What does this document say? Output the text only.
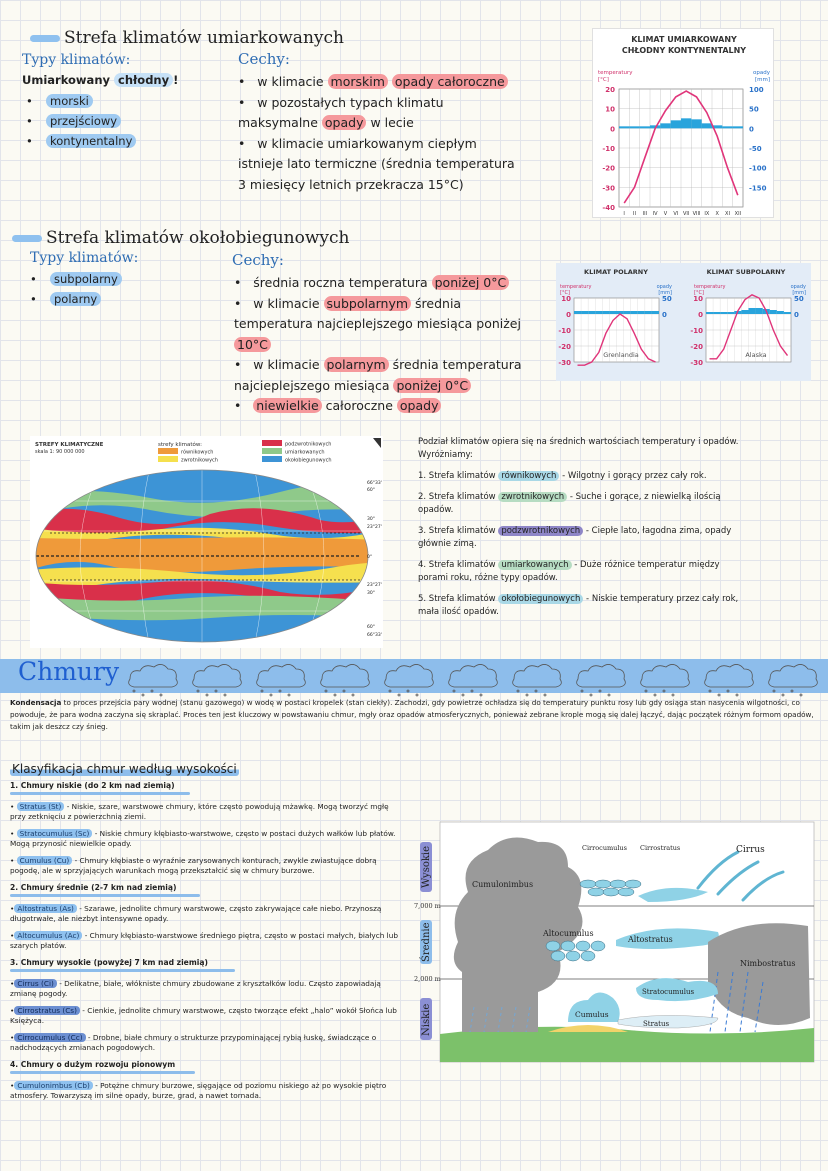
Strefa klimatów umiarkowanych
Typy klimatów:
Umiarkowany chłodny !
• morski
• przejściowy
• kontynentalny
Cechy:

•   w klimacie morskim opady całoroczne

•   w pozostałych typach klimatu maksymalne opady w lecie

•   w klimacie umiarkowanym ciepłym istnieje lato termiczne (średnia temperatura 3 miesięcy letnich przekracza 15°C)

KLIMAT UMIARKOWANY
CHŁODNY KONTYNENTALNY
temperatury
[°C]
opady
[mm]
20
10
0
-10
-20
-30
-40
100
50
0
-50
-100
-150
I II III IV V VI VII VIII IX X XI XII
Strefa klimatów okołobiegunowych
Typy klimatów:
• subpolarny
• polarny
Cechy:

•   średnia roczna temperatura poniżej 0°C

•   w klimacie subpolarnym średnia temperatura najcieplejszego miesiąca poniżej 10°C

•   w klimacie polarnym średnia temperatura najcieplejszego miesiąca poniżej 0°C

•   niewielkie całoroczne opady

KLIMAT POLARNY	KLIMAT SUBPOLARNY
temperatury
[°C]
opady
[mm]
temperatury
[°C]
opady
[mm]
10
0
-10
-20
-30
50
0
10
0
-10
-20
-30
50
0
Grenlandia	Alaska
STREFY KLIMATYCZNE
skala 1: 90 000 000
strefy klimatów:	podzwrotnikowych
równikowych	umiarkowanych
zwrotnikowych	okołobiegunowych
66°33'
60°
30°
23°27'
0°
23°27'
30°
60°
66°33'

Podział klimatów opiera się na średnich wartościach temperatury i opadów. Wyróżniamy:

1. Strefa klimatów równikowych - Wilgotny i gorący przez cały rok.

2. Strefa klimatów zwrotnikowych - Suche i gorące, z niewielką ilością opadów.

3. Strefa klimatów podzwrotnikowych - Ciepłe lato, łagodna zima, opady głównie zimą.

4. Strefa klimatów umiarkowanych - Duże różnice temperatur między porami roku, różne typy opadów.

5. Strefa klimatów okołobiegunowych - Niskie temperatury przez cały rok, mała ilość opadów.

Chmury
Kondensacja to proces przejścia pary wodnej (stanu gazowego) w wodę w postaci kropelek (stan ciekły). Zachodzi, gdy powietrze ochładza się do temperatury punktu rosy lub gdy osiąga stan nasycenia wilgotności, co powoduje, że para wodna zaczyna się skraplać. Proces ten jest kluczowy w powstawaniu chmur, mgły oraz opadów atmosferycznych, ponieważ zebrane krople mogą się dalej łączyć, dając początek różnym formom opadów, takim jak deszcz czy śnieg.
Klasyfikacja chmur według wysokości
1. Chmury niskie (do 2 km nad ziemią)

• Stratus (St) - Niskie, szare, warstwowe chmury, które często powodują mżawkę. Mogą tworzyć mgłę przy zetknięciu z powierzchnią ziemi.

• Stratocumulus (Sc) - Niskie chmury kłębiasto-warstwowe, często w postaci dużych wałków lub płatów. Mogą przynosić niewielkie opady.

• Cumulus (Cu) - Chmury kłębiaste o wyraźnie zarysowanych konturach, zwykle zwiastujące dobrą pogodę, ale w sprzyjających warunkach mogą przekształcić się w chmury burzowe.

2. Chmury średnie (2-7 km nad ziemią)

• Altostratus (As) - Szarawe, jednolite chmury warstwowe, często zakrywające całe niebo. Przynoszą długotrwałe, ale niezbyt intensywne opady.

• Altocumulus (Ac) - Chmury kłębiasto-warstwowe średniego piętra, często w postaci małych, białych lub szarych płatów.

3. Chmury wysokie (powyżej 7 km nad ziemią)

• Cirrus (Ci) - Delikatne, białe, włókniste chmury zbudowane z kryształków lodu. Często zapowiadają zmianę pogody.

• Cirrostratus (Cs) - Cienkie, jednolite chmury warstwowe, często tworzące efekt „halo” wokół Słońca lub Księżyca.

• Cirrocumulus (Cc) - Drobne, białe chmury o strukturze przypominającej rybią łuskę, świadczące o nadchodzących zmianach pogodowych.

4. Chmury o dużym rozwoju pionowym

• Cumulonimbus (Cb) - Potężne chmury burzowe, sięgające od poziomu niskiego aż po wysokie piętro atmosfery. Towarzyszą im silne opady, burze, grad, a nawet tornada.

Wysokie
Średnie
Niskie
7,000 m
2,000 m
Cumulonimbus
Cirrocumulus Cirrostratus	Cirrus
Altocumulus
Altostratus
Nimbostratus
Stratocumulus
Cumulus
Stratus
